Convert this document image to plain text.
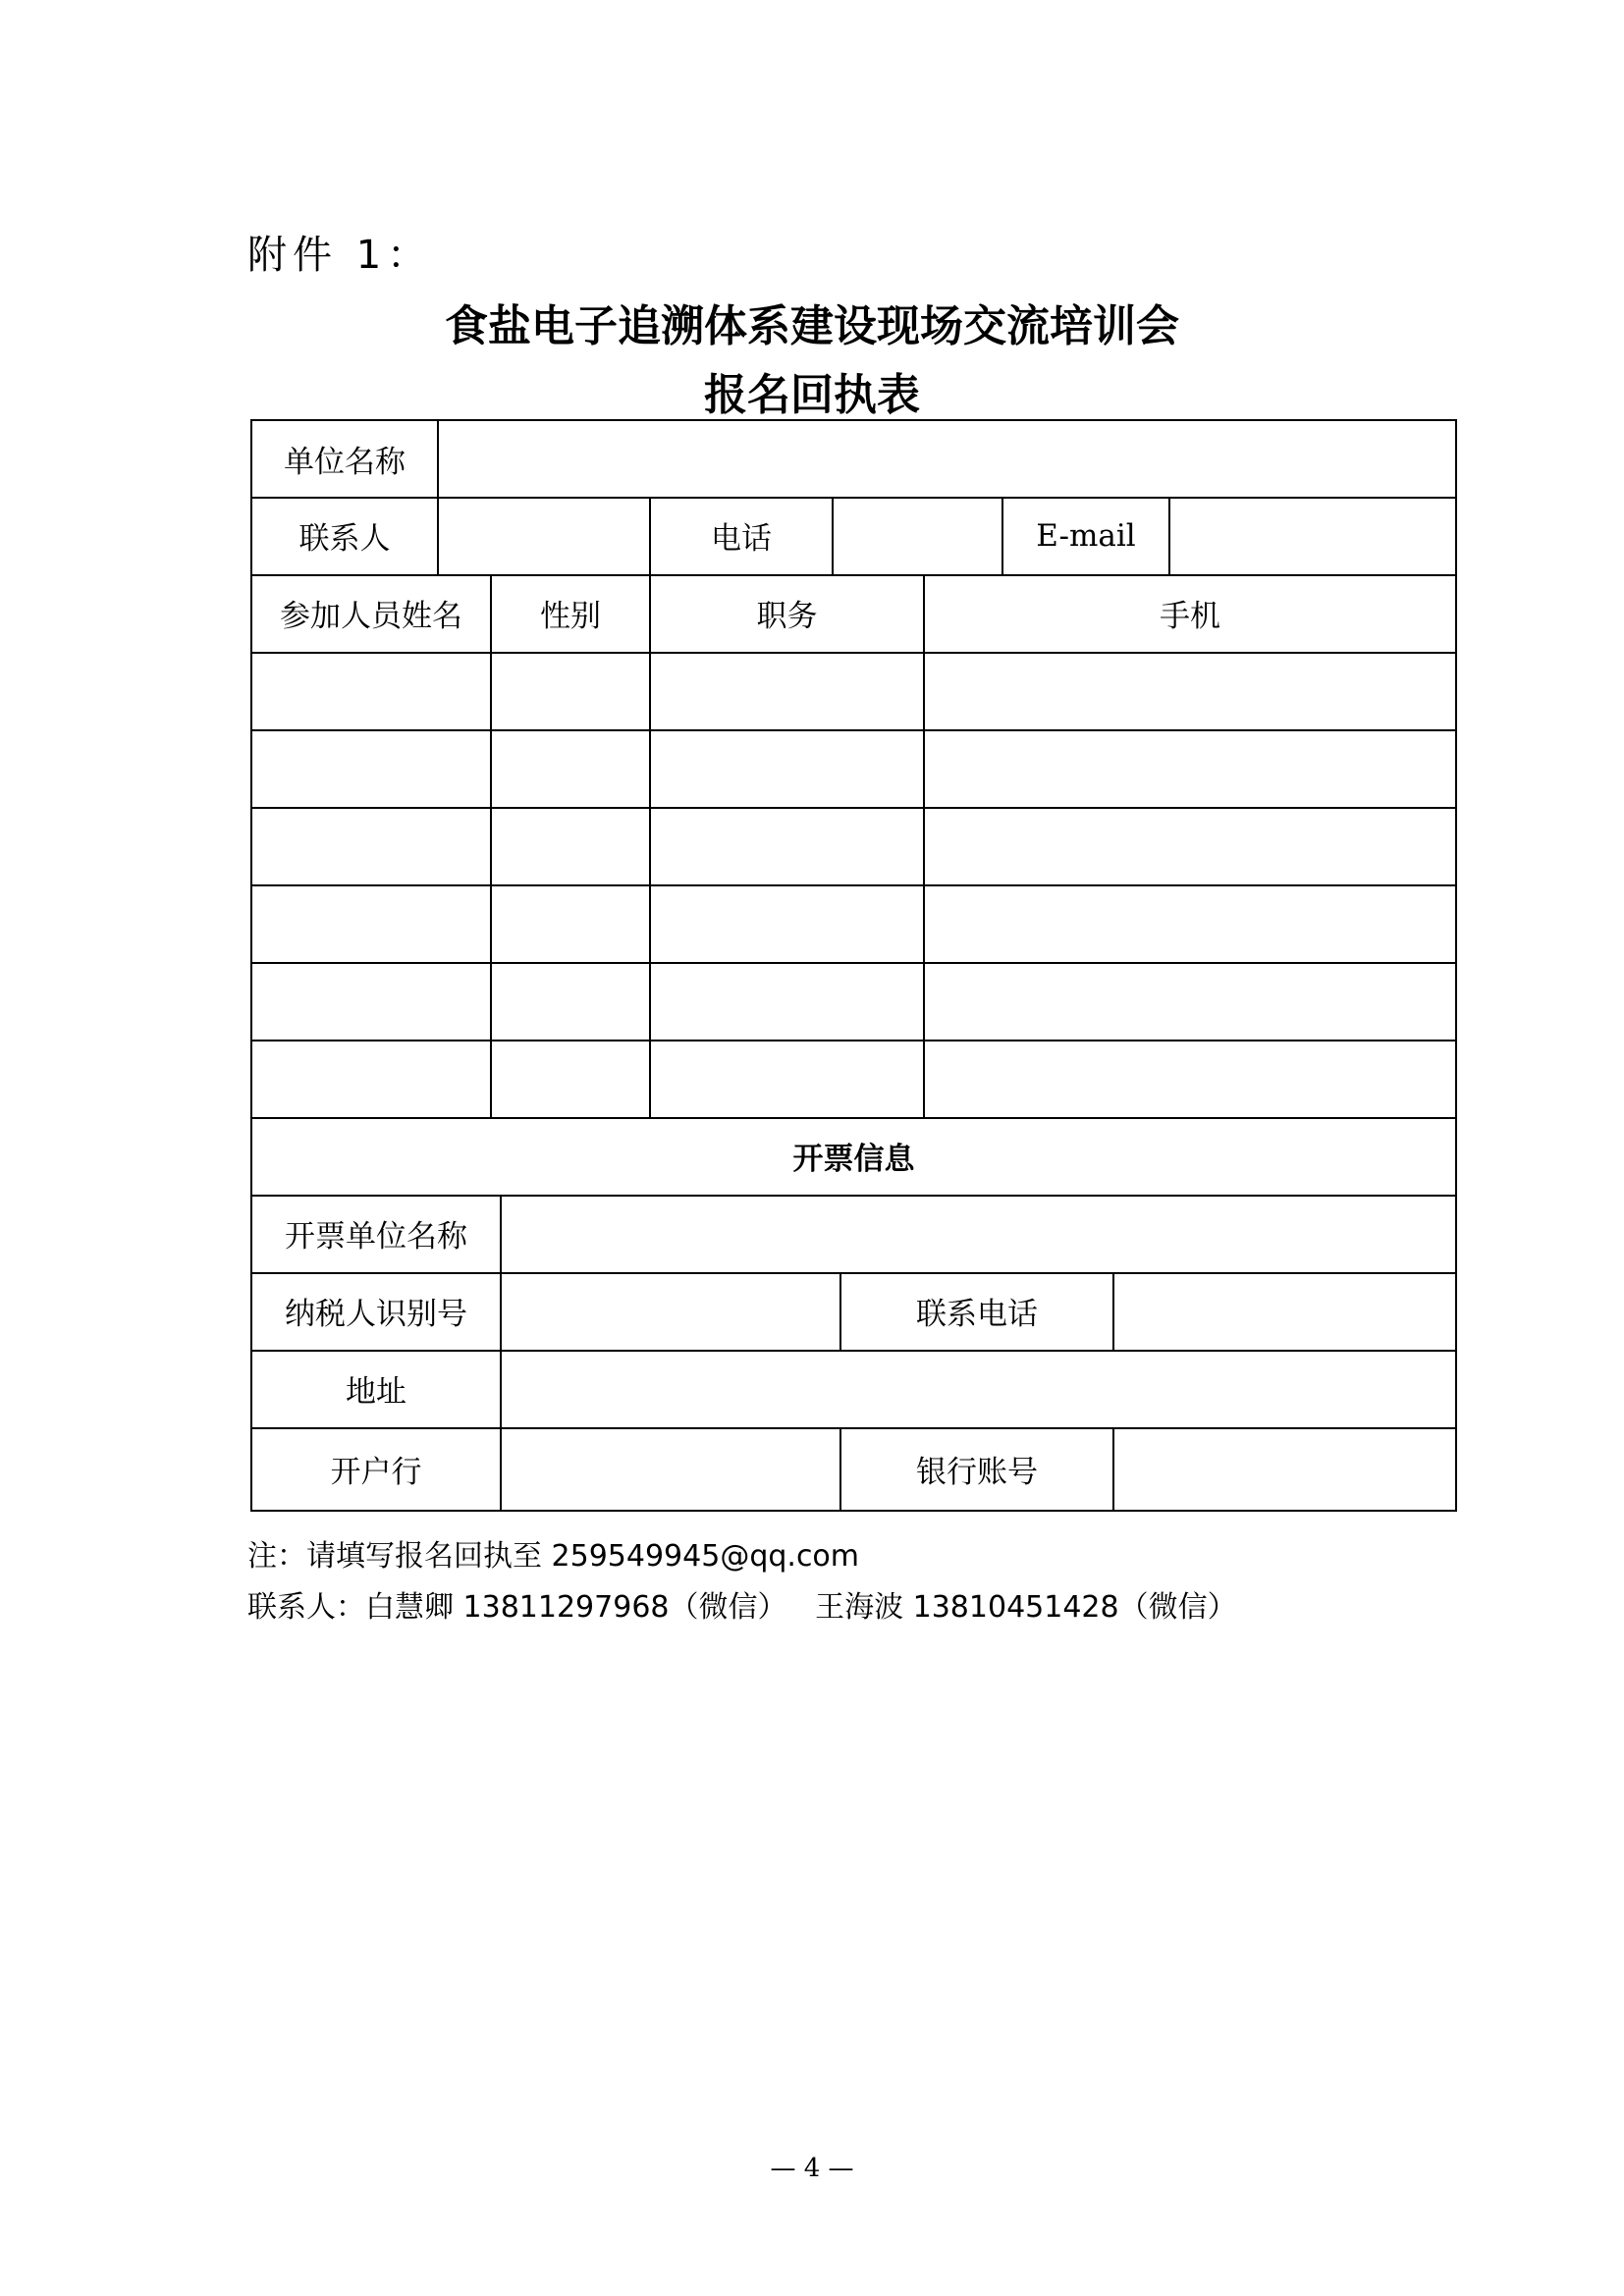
附件 1：
食盐电子追溯体系建设现场交流培训会
报名回执表
单位名称
联系人	电话	E-mail
参加人员姓名	性别	职务	手机
开票信息
开票单位名称
纳税人识别号	联系电话
地址
开户行	银行账号
注：请填写报名回执至 259549945@qq.com
联系人：白慧卿 13811297968（微信）   王海波 13810451428（微信）
— 4 —
